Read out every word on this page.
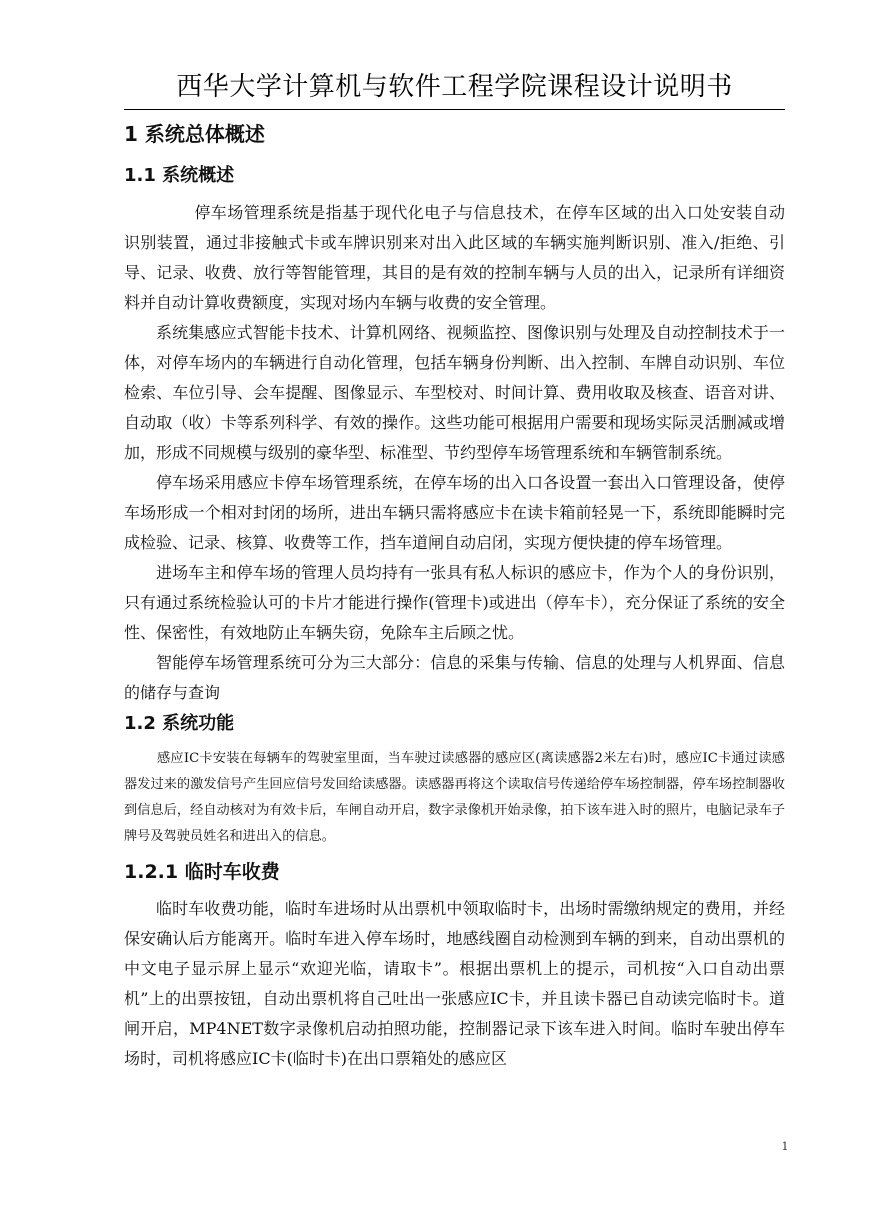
西华大学计算机与软件工程学院课程设计说明书
1 系统总体概述
1.1 系统概述

停车场管理系统是指基于现代化电子与信息技术，在停车区域的出入口处安装自动识别装置，通过非接触式卡或车牌识别来对出入此区域的车辆实施判断识别、准入/拒绝、引导、记录、收费、放行等智能管理，其目的是有效的控制车辆与人员的出入，记录所有详细资料并自动计算收费额度，实现对场内车辆与收费的安全管理。

系统集感应式智能卡技术、计算机网络、视频监控、图像识别与处理及自动控制技术于一体，对停车场内的车辆进行自动化管理，包括车辆身份判断、出入控制、车牌自动识别、车位检索、车位引导、会车提醒、图像显示、车型校对、时间计算、费用收取及核查、语音对讲、自动取（收）卡等系列科学、有效的操作。这些功能可根据用户需要和现场实际灵活删减或增加，形成不同规模与级别的豪华型、标准型、节约型停车场管理系统和车辆管制系统。

停车场采用感应卡停车场管理系统，在停车场的出入口各设置一套出入口管理设备，使停车场形成一个相对封闭的场所，进出车辆只需将感应卡在读卡箱前轻晃一下，系统即能瞬时完成检验、记录、核算、收费等工作，挡车道闸自动启闭，实现方便快捷的停车场管理。

进场车主和停车场的管理人员均持有一张具有私人标识的感应卡，作为个人的身份识别，只有通过系统检验认可的卡片才能进行操作(管理卡)或进出（停车卡），充分保证了系统的安全性、保密性，有效地防止车辆失窃，免除车主后顾之忧。

智能停车场管理系统可分为三大部分：信息的采集与传输、信息的处理与人机界面、信息的储存与查询

1.2 系统功能

感应IC卡安装在每辆车的驾驶室里面，当车驶过读感器的感应区(离读感器2米左右)时，感应IC卡通过读感器发过来的激发信号产生回应信号发回给读感器。读感器再将这个读取信号传递给停车场控制器，停车场控制器收到信息后，经自动核对为有效卡后，车闸自动开启，数字录像机开始录像，拍下该车进入时的照片，电脑记录车子牌号及驾驶员姓名和进出入的信息。

1.2.1 临时车收费

临时车收费功能，临时车进场时从出票机中领取临时卡，出场时需缴纳规定的费用，并经保安确认后方能离开。临时车进入停车场时，地感线圈自动检测到车辆的到来，自动出票机的中文电子显示屏上显示“欢迎光临，请取卡”。根据出票机上的提示，司机按“入口自动出票机”上的出票按钮，自动出票机将自己吐出一张感应IC卡，并且读卡器已自动读完临时卡。道闸开启，MP4NET数字录像机启动拍照功能，控制器记录下该车进入时间。临时车驶出停车场时，司机将感应IC卡(临时卡)在出口票箱处的感应区

1
